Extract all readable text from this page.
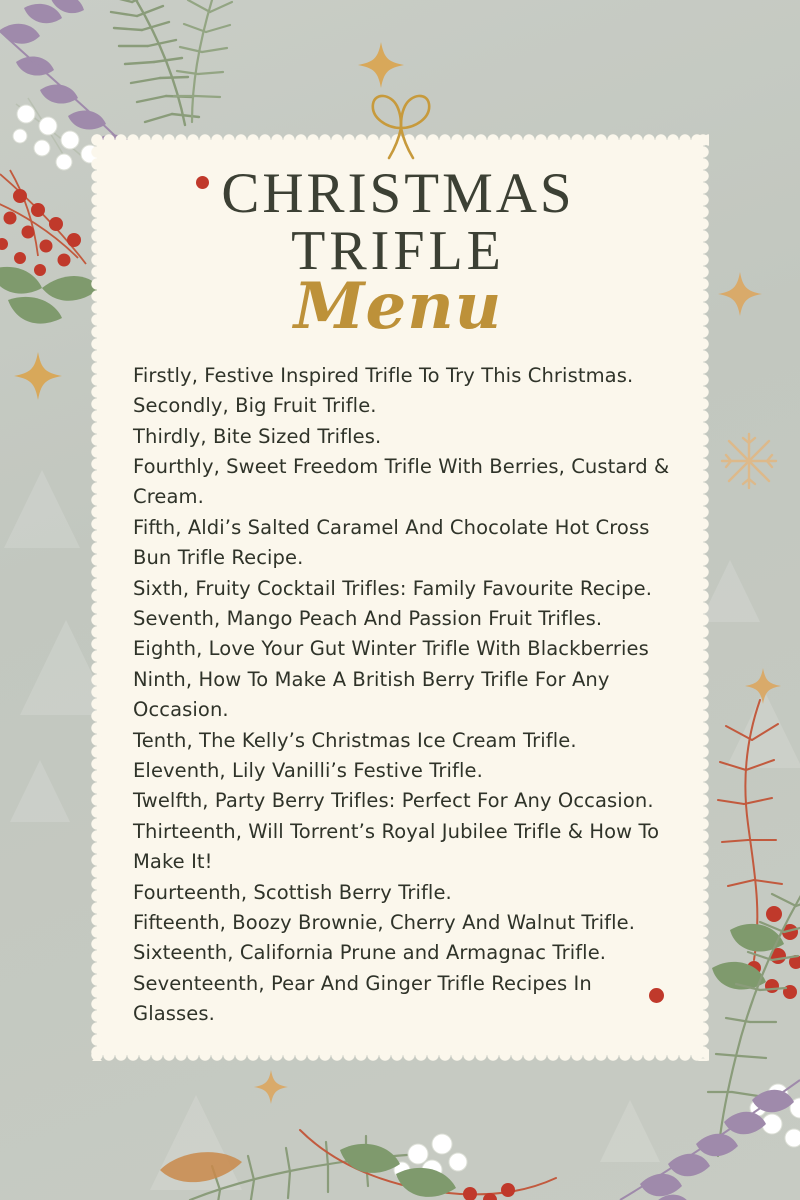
CHRISTMAS
TRIFLE
Menu
Firstly, Festive Inspired Trifle To Try This Christmas.
Secondly, Big Fruit Trifle.
Thirdly, Bite Sized Trifles.
Fourthly, Sweet Freedom Trifle With Berries, Custard & Cream.
Fifth, Aldi’s Salted Caramel And Chocolate Hot Cross Bun Trifle Recipe.
Sixth, Fruity Cocktail Trifles: Family Favourite Recipe.
Seventh, Mango Peach And Passion Fruit Trifles.
Eighth, Love Your Gut Winter Trifle With Blackberries
Ninth, How To Make A British Berry Trifle For Any Occasion.
Tenth, The Kelly’s Christmas Ice Cream Trifle.
Eleventh, Lily Vanilli’s Festive Trifle.
Twelfth, Party Berry Trifles: Perfect For Any Occasion.
Thirteenth, Will Torrent’s Royal Jubilee Trifle & How To Make It!
Fourteenth, Scottish Berry Trifle.
Fifteenth, Boozy Brownie, Cherry And Walnut Trifle.
Sixteenth, California Prune and Armagnac Trifle.
Seventeenth, Pear And Ginger Trifle Recipes In Glasses.
